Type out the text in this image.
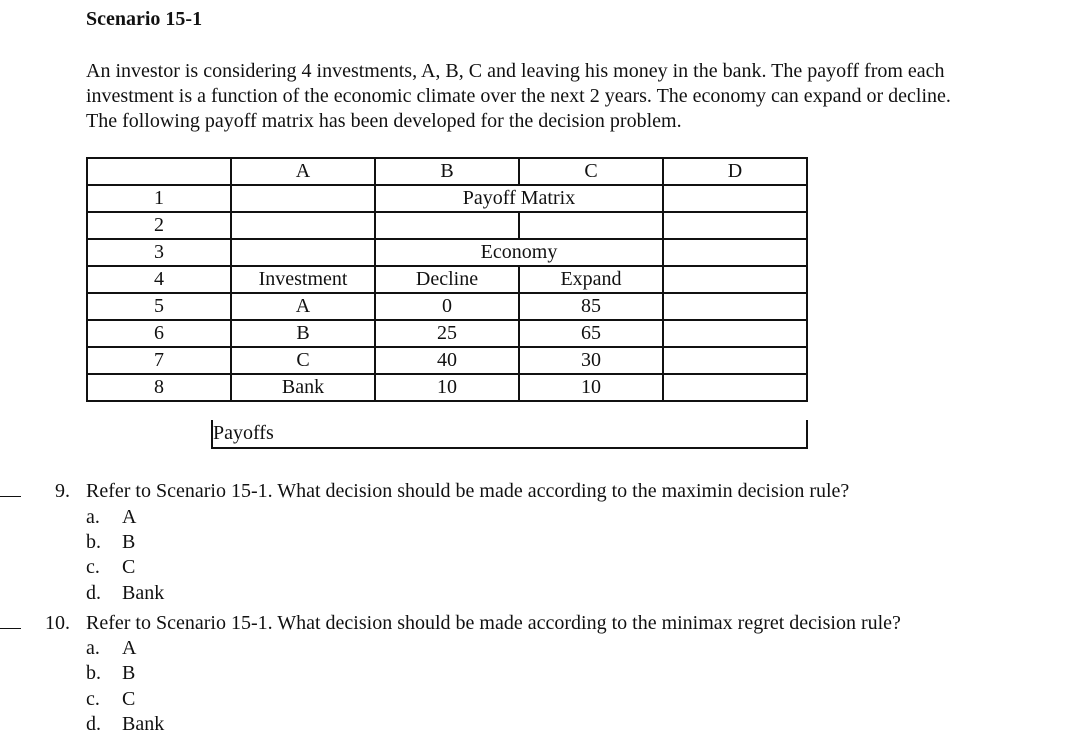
Scenario 15-1
An investor is considering 4 investments, A, B, C and leaving his money in the bank. The payoff from each
investment is a function of the economic climate over the next 2 years. The economy can expand or decline.
The following payoff matrix has been developed for the decision problem.
	A	B	C	D
1		Payoff Matrix		
2				
3		Economy		
4	Investment	Decline	Expand	
5	A	0	85	
6	B	25	65	
7	C	40	30	
8	Bank	10	10	
Payoffs
9. Refer to Scenario 15-1. What decision should be made according to the maximin decision rule?
a.	A
b.	B
c.	C
d.	Bank
10. Refer to Scenario 15-1. What decision should be made according to the minimax regret decision rule?
a.	A
b.	B
c.	C
d.	Bank
